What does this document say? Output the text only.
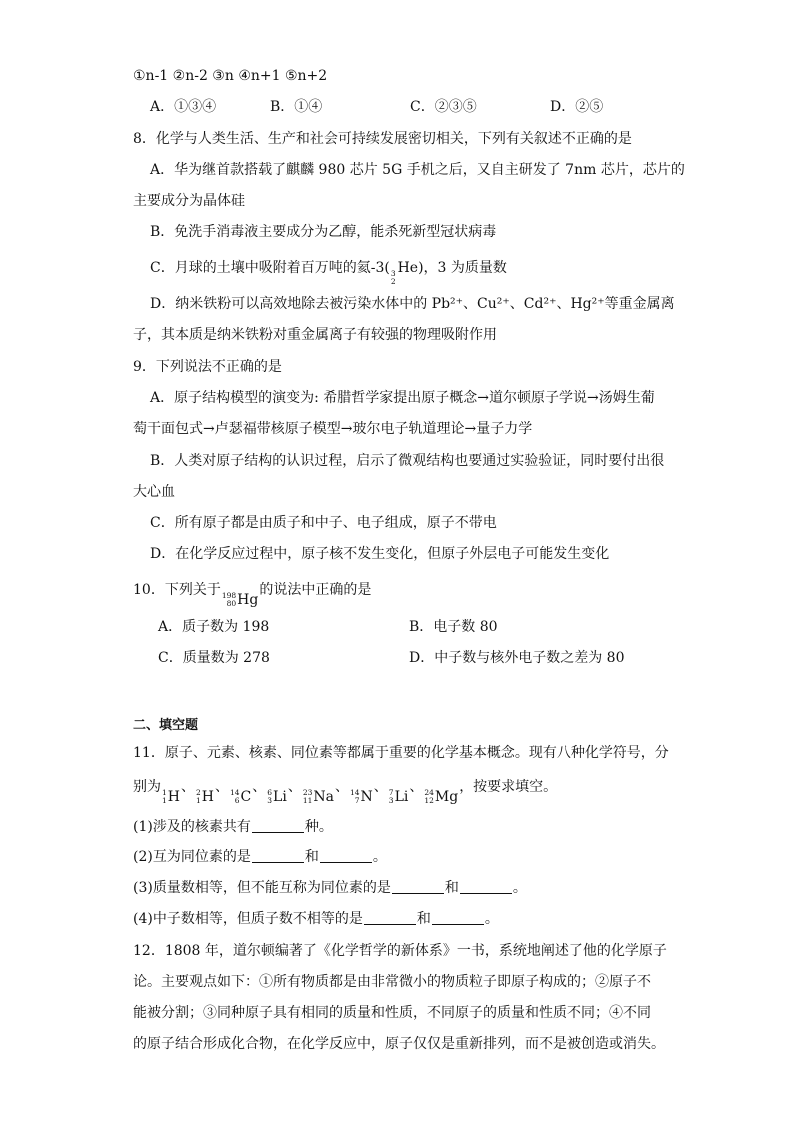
①n-1 ②n-2 ③n ④n+1 ⑤n+2
A．①③④	B．①④	C．②③⑤	D．②⑤
8．化学与人类生活、生产和社会可持续发展密切相关，下列有关叙述不正确的是
A．华为继首款搭载了麒麟 980 芯片 5G 手机之后，又自主研发了 7nm 芯片，芯片的
主要成分为晶体硅
B．免洗手消毒液主要成分为乙醇，能杀死新型冠状病毒
C．月球的土壤中吸附着百万吨的氦-3( 3
2
He)，3 为质量数
D．纳米铁粉可以高效地除去被污染水体中的 Pb²⁺、Cu²⁺、Cd²⁺、Hg²⁺等重金属离
子，其本质是纳米铁粉对重金属离子有较强的物理吸附作用
9．下列说法不正确的是
A．原子结构模型的演变为: 希腊哲学家提出原子概念→道尔顿原子学说→汤姆生葡
萄干面包式→卢瑟福带核原子模型→玻尔电子轨道理论→量子力学
B．人类对原子结构的认识过程，启示了微观结构也要通过实验验证，同时要付出很
大心血
C．所有原子都是由质子和中子、电子组成，原子不带电
D．在化学反应过程中，原子核不发生变化，但原子外层电子可能发生变化
10．下列关于 198
80 Hg
的说法中正确的是
A．质子数为 198	B．电子数 80
C．质量数为 278	D．中子数与核外电子数之差为 80
二、填空题
11．原子、元素、核素、同位素等都属于重要的化学基本概念。现有八种化学符号，分
别为 1
1 H
、 2
1 H
、 14
6 C
、 6
3 Li
、 23
11 Na
、 14
7 N
、 7
3 Li
、 24
12 Mg
，按要求填空。
(1)涉及的核素共有	种。
(2)互为同位素的是	和	。
(3)质量数相等，但不能互称为同位素的是	和	。
(4)中子数相等，但质子数不相等的是	和	。
12．1808 年，道尔顿编著了《化学哲学的新体系》一书，系统地阐述了他的化学原子
论。主要观点如下：①所有物质都是由非常微小的物质粒子即原子构成的；②原子不
能被分割；③同种原子具有相同的质量和性质，不同原子的质量和性质不同；④不同
的原子结合形成化合物，在化学反应中，原子仅仅是重新排列，而不是被创造或消失。
